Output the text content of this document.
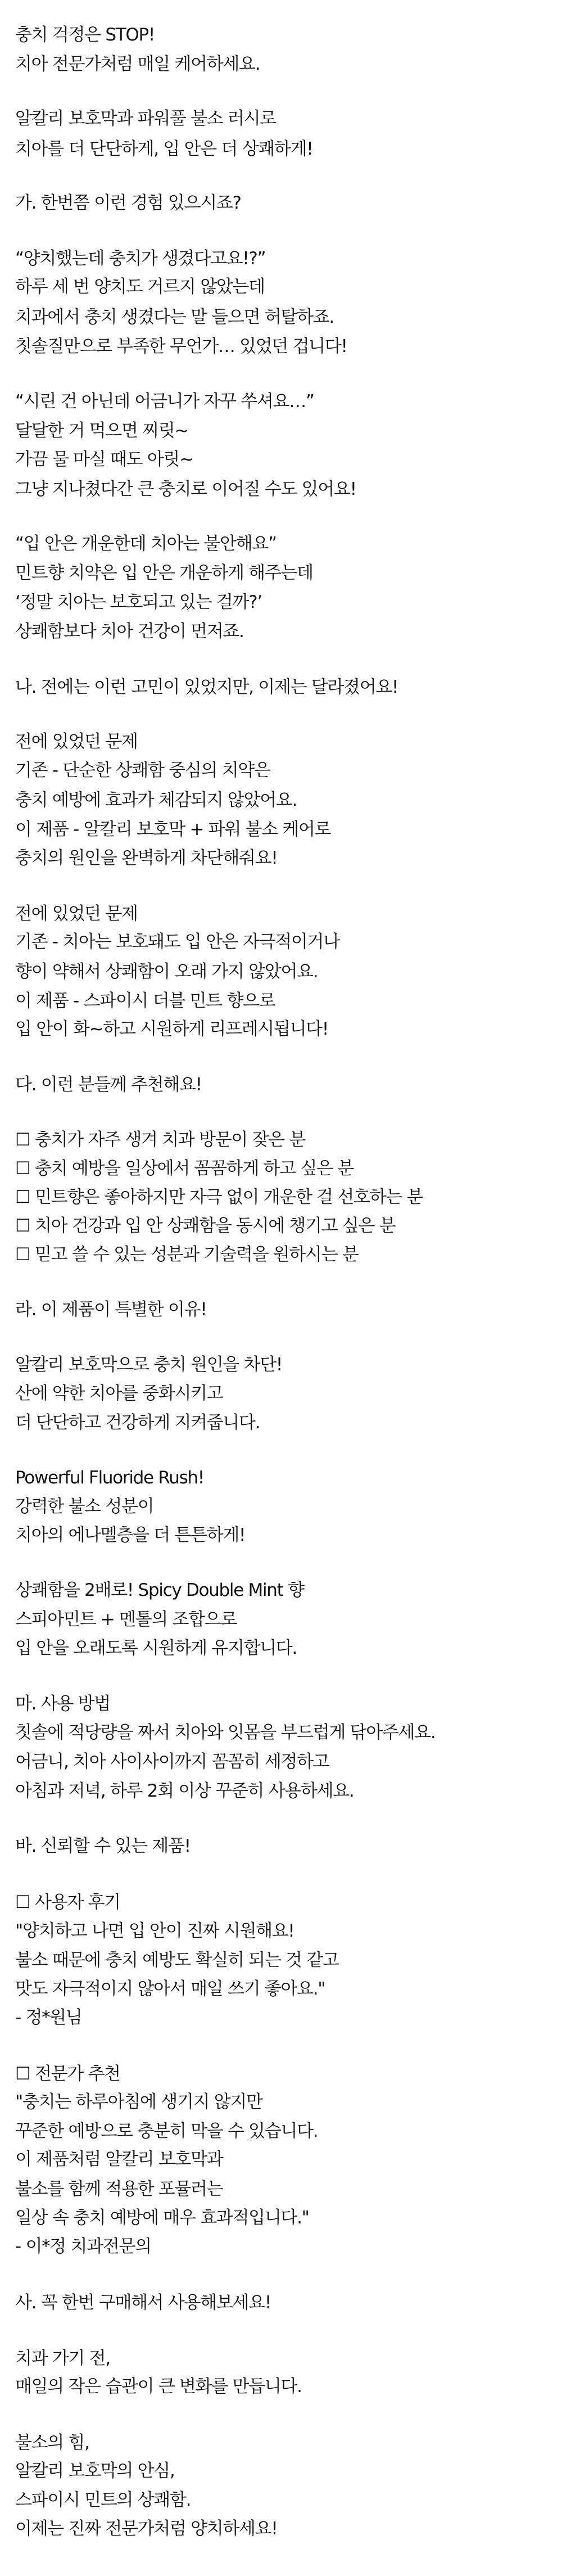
충치 걱정은 STOP!

치아 전문가처럼 매일 케어하세요.

알칼리 보호막과 파워풀 불소 러시로

치아를 더 단단하게, 입 안은 더 상쾌하게!

가. 한번쯤 이런 경험 있으시죠?

“양치했는데 충치가 생겼다고요!?”

하루 세 번 양치도 거르지 않았는데

치과에서 충치 생겼다는 말 들으면 허탈하죠.

칫솔질만으로 부족한 무언가… 있었던 겁니다!

“시린 건 아닌데 어금니가 자꾸 쑤셔요…”

달달한 거 먹으면 찌릿~

가끔 물 마실 때도 아릿~

그냥 지나쳤다간 큰 충치로 이어질 수도 있어요!

“입 안은 개운한데 치아는 불안해요”

민트향 치약은 입 안은 개운하게 해주는데

‘정말 치아는 보호되고 있는 걸까?’

상쾌함보다 치아 건강이 먼저죠.

나. 전에는 이런 고민이 있었지만, 이제는 달라졌어요!

전에 있었던 문제

기존 - 단순한 상쾌함 중심의 치약은

충치 예방에 효과가 체감되지 않았어요.

이 제품 - 알칼리 보호막 + 파워 불소 케어로

충치의 원인을 완벽하게 차단해줘요!

전에 있었던 문제

기존 - 치아는 보호돼도 입 안은 자극적이거나

향이 약해서 상쾌함이 오래 가지 않았어요.

이 제품 - 스파이시 더블 민트 향으로

입 안이 화~하고 시원하게 리프레시됩니다!

다. 이런 분들께 추천해요!

☐ 충치가 자주 생겨 치과 방문이 잦은 분

☐ 충치 예방을 일상에서 꼼꼼하게 하고 싶은 분

☐ 민트향은 좋아하지만 자극 없이 개운한 걸 선호하는 분

☐ 치아 건강과 입 안 상쾌함을 동시에 챙기고 싶은 분

☐ 믿고 쓸 수 있는 성분과 기술력을 원하시는 분

라. 이 제품이 특별한 이유!

알칼리 보호막으로 충치 원인을 차단!

산에 약한 치아를 중화시키고

더 단단하고 건강하게 지켜줍니다.

Powerful Fluoride Rush!

강력한 불소 성분이

치아의 에나멜층을 더 튼튼하게!

상쾌함을 2배로! Spicy Double Mint 향

스피아민트 + 멘톨의 조합으로

입 안을 오래도록 시원하게 유지합니다.

마. 사용 방법

칫솔에 적당량을 짜서 치아와 잇몸을 부드럽게 닦아주세요.

어금니, 치아 사이사이까지 꼼꼼히 세정하고

아침과 저녁, 하루 2회 이상 꾸준히 사용하세요.

바. 신뢰할 수 있는 제품!

☐ 사용자 후기

"양치하고 나면 입 안이 진짜 시원해요!

불소 때문에 충치 예방도 확실히 되는 것 같고

맛도 자극적이지 않아서 매일 쓰기 좋아요."

- 정*원님

☐ 전문가 추천

"충치는 하루아침에 생기지 않지만

꾸준한 예방으로 충분히 막을 수 있습니다.

이 제품처럼 알칼리 보호막과

불소를 함께 적용한 포뮬러는

일상 속 충치 예방에 매우 효과적입니다."

- 이*정 치과전문의

사. 꼭 한번 구매해서 사용해보세요!

치과 가기 전,

매일의 작은 습관이 큰 변화를 만듭니다.

불소의 힘,

알칼리 보호막의 안심,

스파이시 민트의 상쾌함.

이제는 진짜 전문가처럼 양치하세요!
